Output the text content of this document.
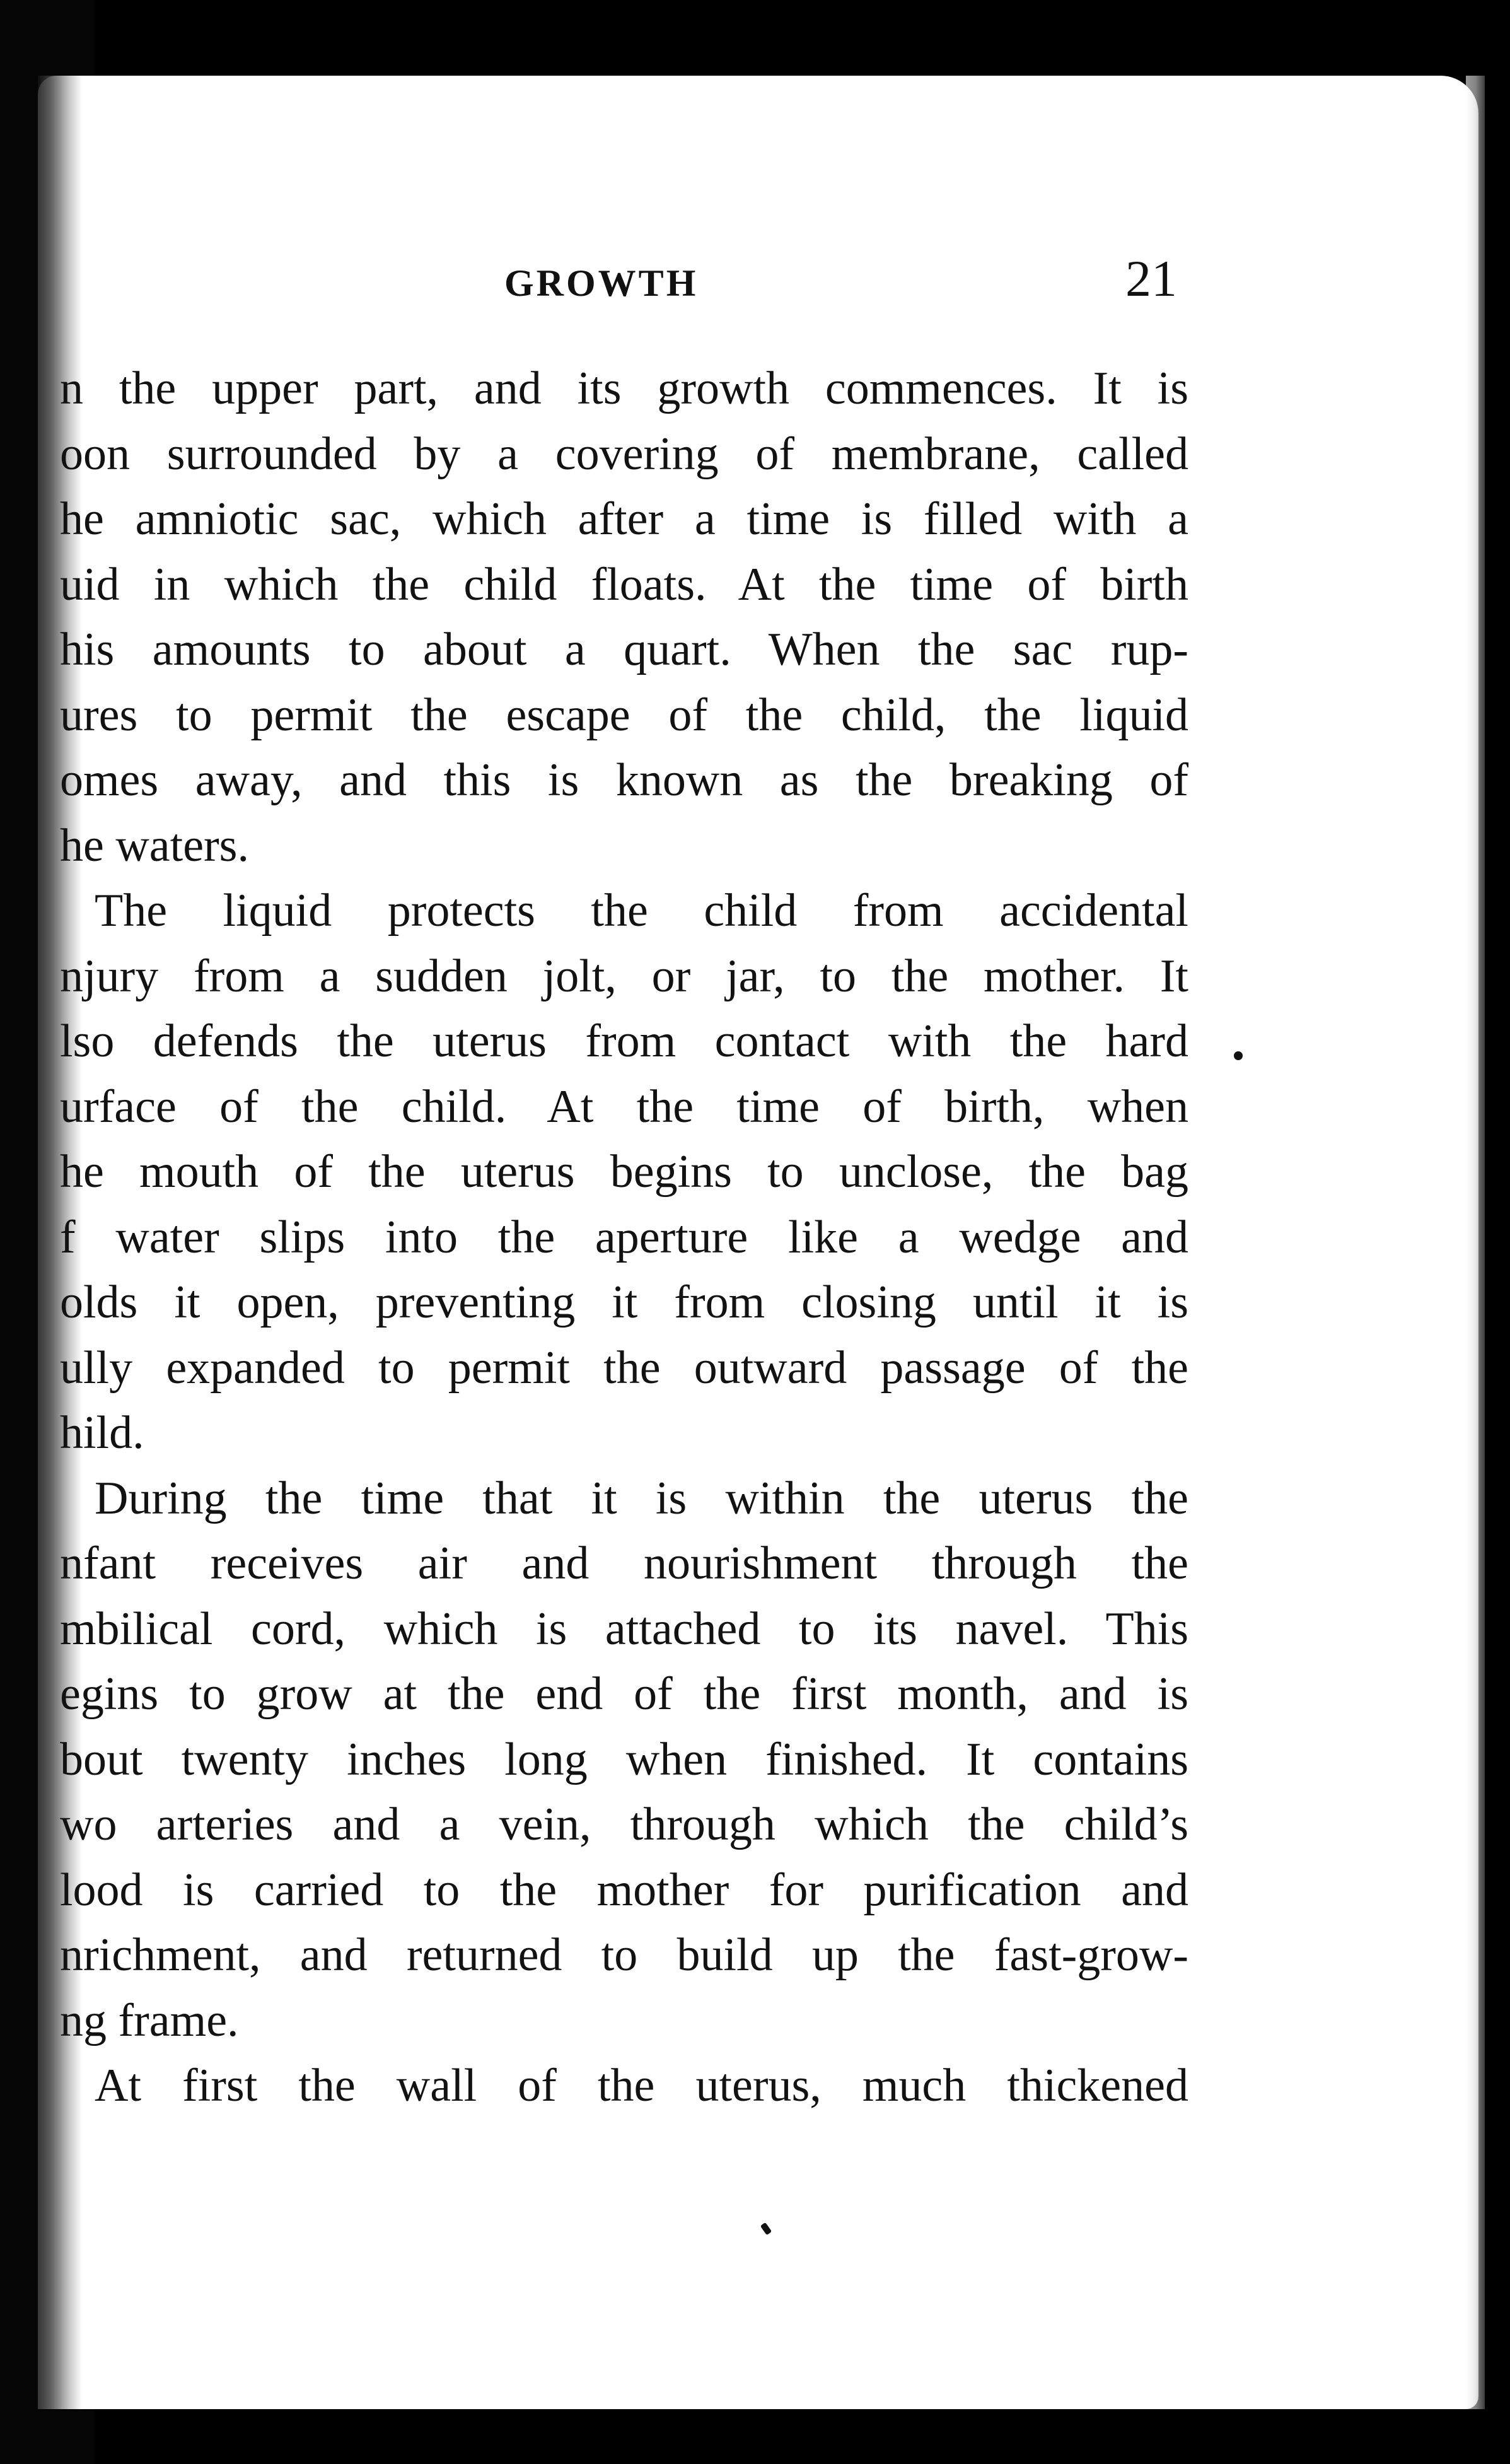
GROWTH	21
n the upper part, and its growth commences. It is
oon surrounded by a covering of membrane, called
he amniotic sac, which after a time is filled with a
uid in which the child floats. At the time of birth
his amounts to about a quart. When the sac rup-
ures to permit the escape of the child, the liquid
omes away, and this is known as the breaking of
he waters.
The liquid protects the child from accidental
njury from a sudden jolt, or jar, to the mother. It
lso defends the uterus from contact with the hard
urface of the child. At the time of birth, when
he mouth of the uterus begins to unclose, the bag
f water slips into the aperture like a wedge and
olds it open, preventing it from closing until it is
ully expanded to permit the outward passage of the
hild.
During the time that it is within the uterus the
nfant receives air and nourishment through the
mbilical cord, which is attached to its navel. This
egins to grow at the end of the first month, and is
bout twenty inches long when finished. It contains
wo arteries and a vein, through which the child’s
lood is carried to the mother for purification and
nrichment, and returned to build up the fast-grow-
ng frame.
At first the wall of the uterus, much thickened
